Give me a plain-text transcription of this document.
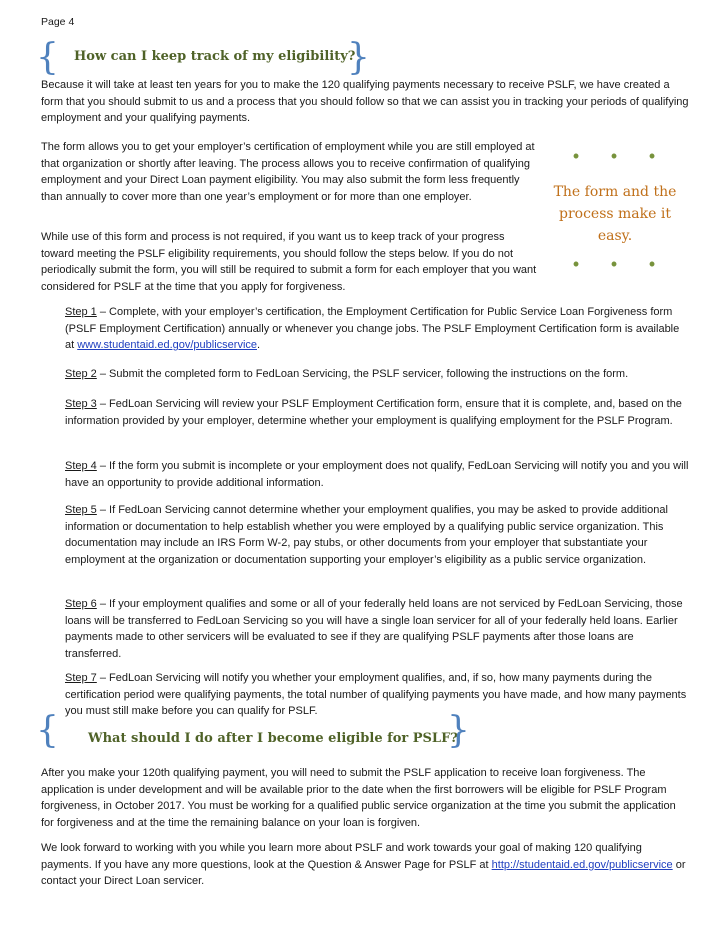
Page 4
{ How can I keep track of my eligibility?
}

Because it will take at least ten years for you to make the 120 qualifying payments necessary to receive PSLF, we have created a form that you should submit to us and a process that you should follow so that we can assist you in tracking your periods of qualifying employment and your qualifying payments.

The form allows you to get your employer’s certification of employment while you are still employed at that organization or shortly after leaving. The process allows you to receive confirmation of qualifying employment and your Direct Loan payment eligibility. You may also submit the form less frequently than annually to cover more than one year’s employment or for more than one employer.

While use of this form and process is not required, if you want us to keep track of your progress toward meeting the PSLF eligibility requirements, you should follow the steps below. If you do not periodically submit the form, you will still be required to submit a form for each employer that you want considered for PSLF at the time that you apply for forgiveness.

• • •
The form and the process make it easy.
• • •

Step 1 – Complete, with your employer’s certification, the Employment Certification for Public Service Loan Forgiveness form (PSLF Employment Certification) annually or whenever you change jobs. The PSLF Employment Certification form is available at www.studentaid.ed.gov/publicservice.

Step 2 – Submit the completed form to FedLoan Servicing, the PSLF servicer, following the instructions on the form.

Step 3 – FedLoan Servicing will review your PSLF Employment Certification form, ensure that it is complete, and, based on the information provided by your employer, determine whether your employment is qualifying employment for the PSLF Program.

Step 4 – If the form you submit is incomplete or your employment does not qualify, FedLoan Servicing will notify you and you will have an opportunity to provide additional information.

Step 5 – If FedLoan Servicing cannot determine whether your employment qualifies, you may be asked to provide additional information or documentation to help establish whether you were employed by a qualifying public service organization. This documentation may include an IRS Form W-2, pay stubs, or other documents from your employer that substantiate your employment at the organization or documentation supporting your employer’s eligibility as a public service organization.

Step 6 – If your employment qualifies and some or all of your federally held loans are not serviced by FedLoan Servicing, those loans will be transferred to FedLoan Servicing so you will have a single loan servicer for all of your federally held loans. Earlier payments made to other servicers will be evaluated to see if they are qualifying PSLF payments after those loans are transferred.

Step 7 – FedLoan Servicing will notify you whether your employment qualifies, and, if so, how many payments during the certification period were qualifying payments, the total number of qualifying payments you have made, and how many payments you must still make before you can qualify for PSLF.

{ What should I do after I become eligible for PSLF?
}

After you make your 120th qualifying payment, you will need to submit the PSLF application to receive loan forgiveness. The application is under development and will be available prior to the date when the first borrowers will be eligible for PSLF Program forgiveness, in October 2017. You must be working for a qualified public service organization at the time you submit the application for forgiveness and at the time the remaining balance on your loan is forgiven.

We look forward to working with you while you learn more about PSLF and work towards your goal of making 120 qualifying payments. If you have any more questions, look at the Question & Answer Page for PSLF at http://studentaid.ed.gov/publicservice or contact your Direct Loan servicer.
